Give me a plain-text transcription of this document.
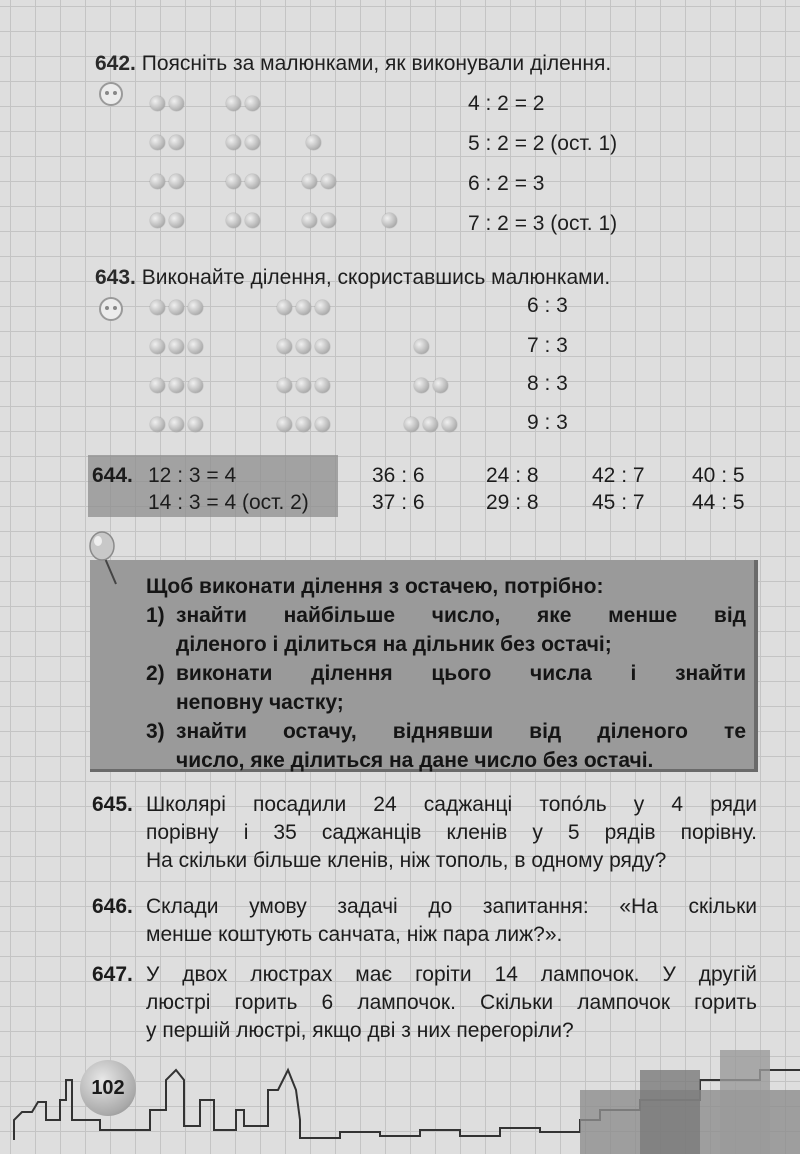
642. Поясніть за малюнками, як виконували ділення.
4 : 2 = 2
5 : 2 = 2 (ост. 1)
6 : 2 = 3
7 : 2 = 3 (ост. 1)
643. Виконайте ділення, скориставшись малюнками.
6 : 3
7 : 3
8 : 3
9 : 3
644. 12 : 3 = 4
14 : 3 = 4 (ост. 2)
36 : 6
37 : 6
24 : 8
29 : 8
42 : 7
45 : 7
40 : 5
44 : 5
Щоб виконати ділення з остачею, потрібно:
1) знайти найбільше число, яке менше від
діленого і ділиться на дільник без остачі;
2) виконати ділення цього числа і знайти
неповну частку;
3) знайти остачу, віднявши від діленого те
число, яке ділиться на дане число без остачі.
645. Школярі посадили 24 саджанці топо́ль у 4 ряди
порівну і 35 саджанців кленів у 5 рядів порівну.
На скільки більше кленів, ніж тополь, в одному ряду?
646. Склади умову задачі до запитання: «На скільки
менше коштують санчата, ніж пара лиж?».
647. У двох люстрах має горіти 14 лампочок. У другій
люстрі горить 6 лампочок. Скільки лампочок горить
у першій люстрі, якщо дві з них перегоріли?
102
